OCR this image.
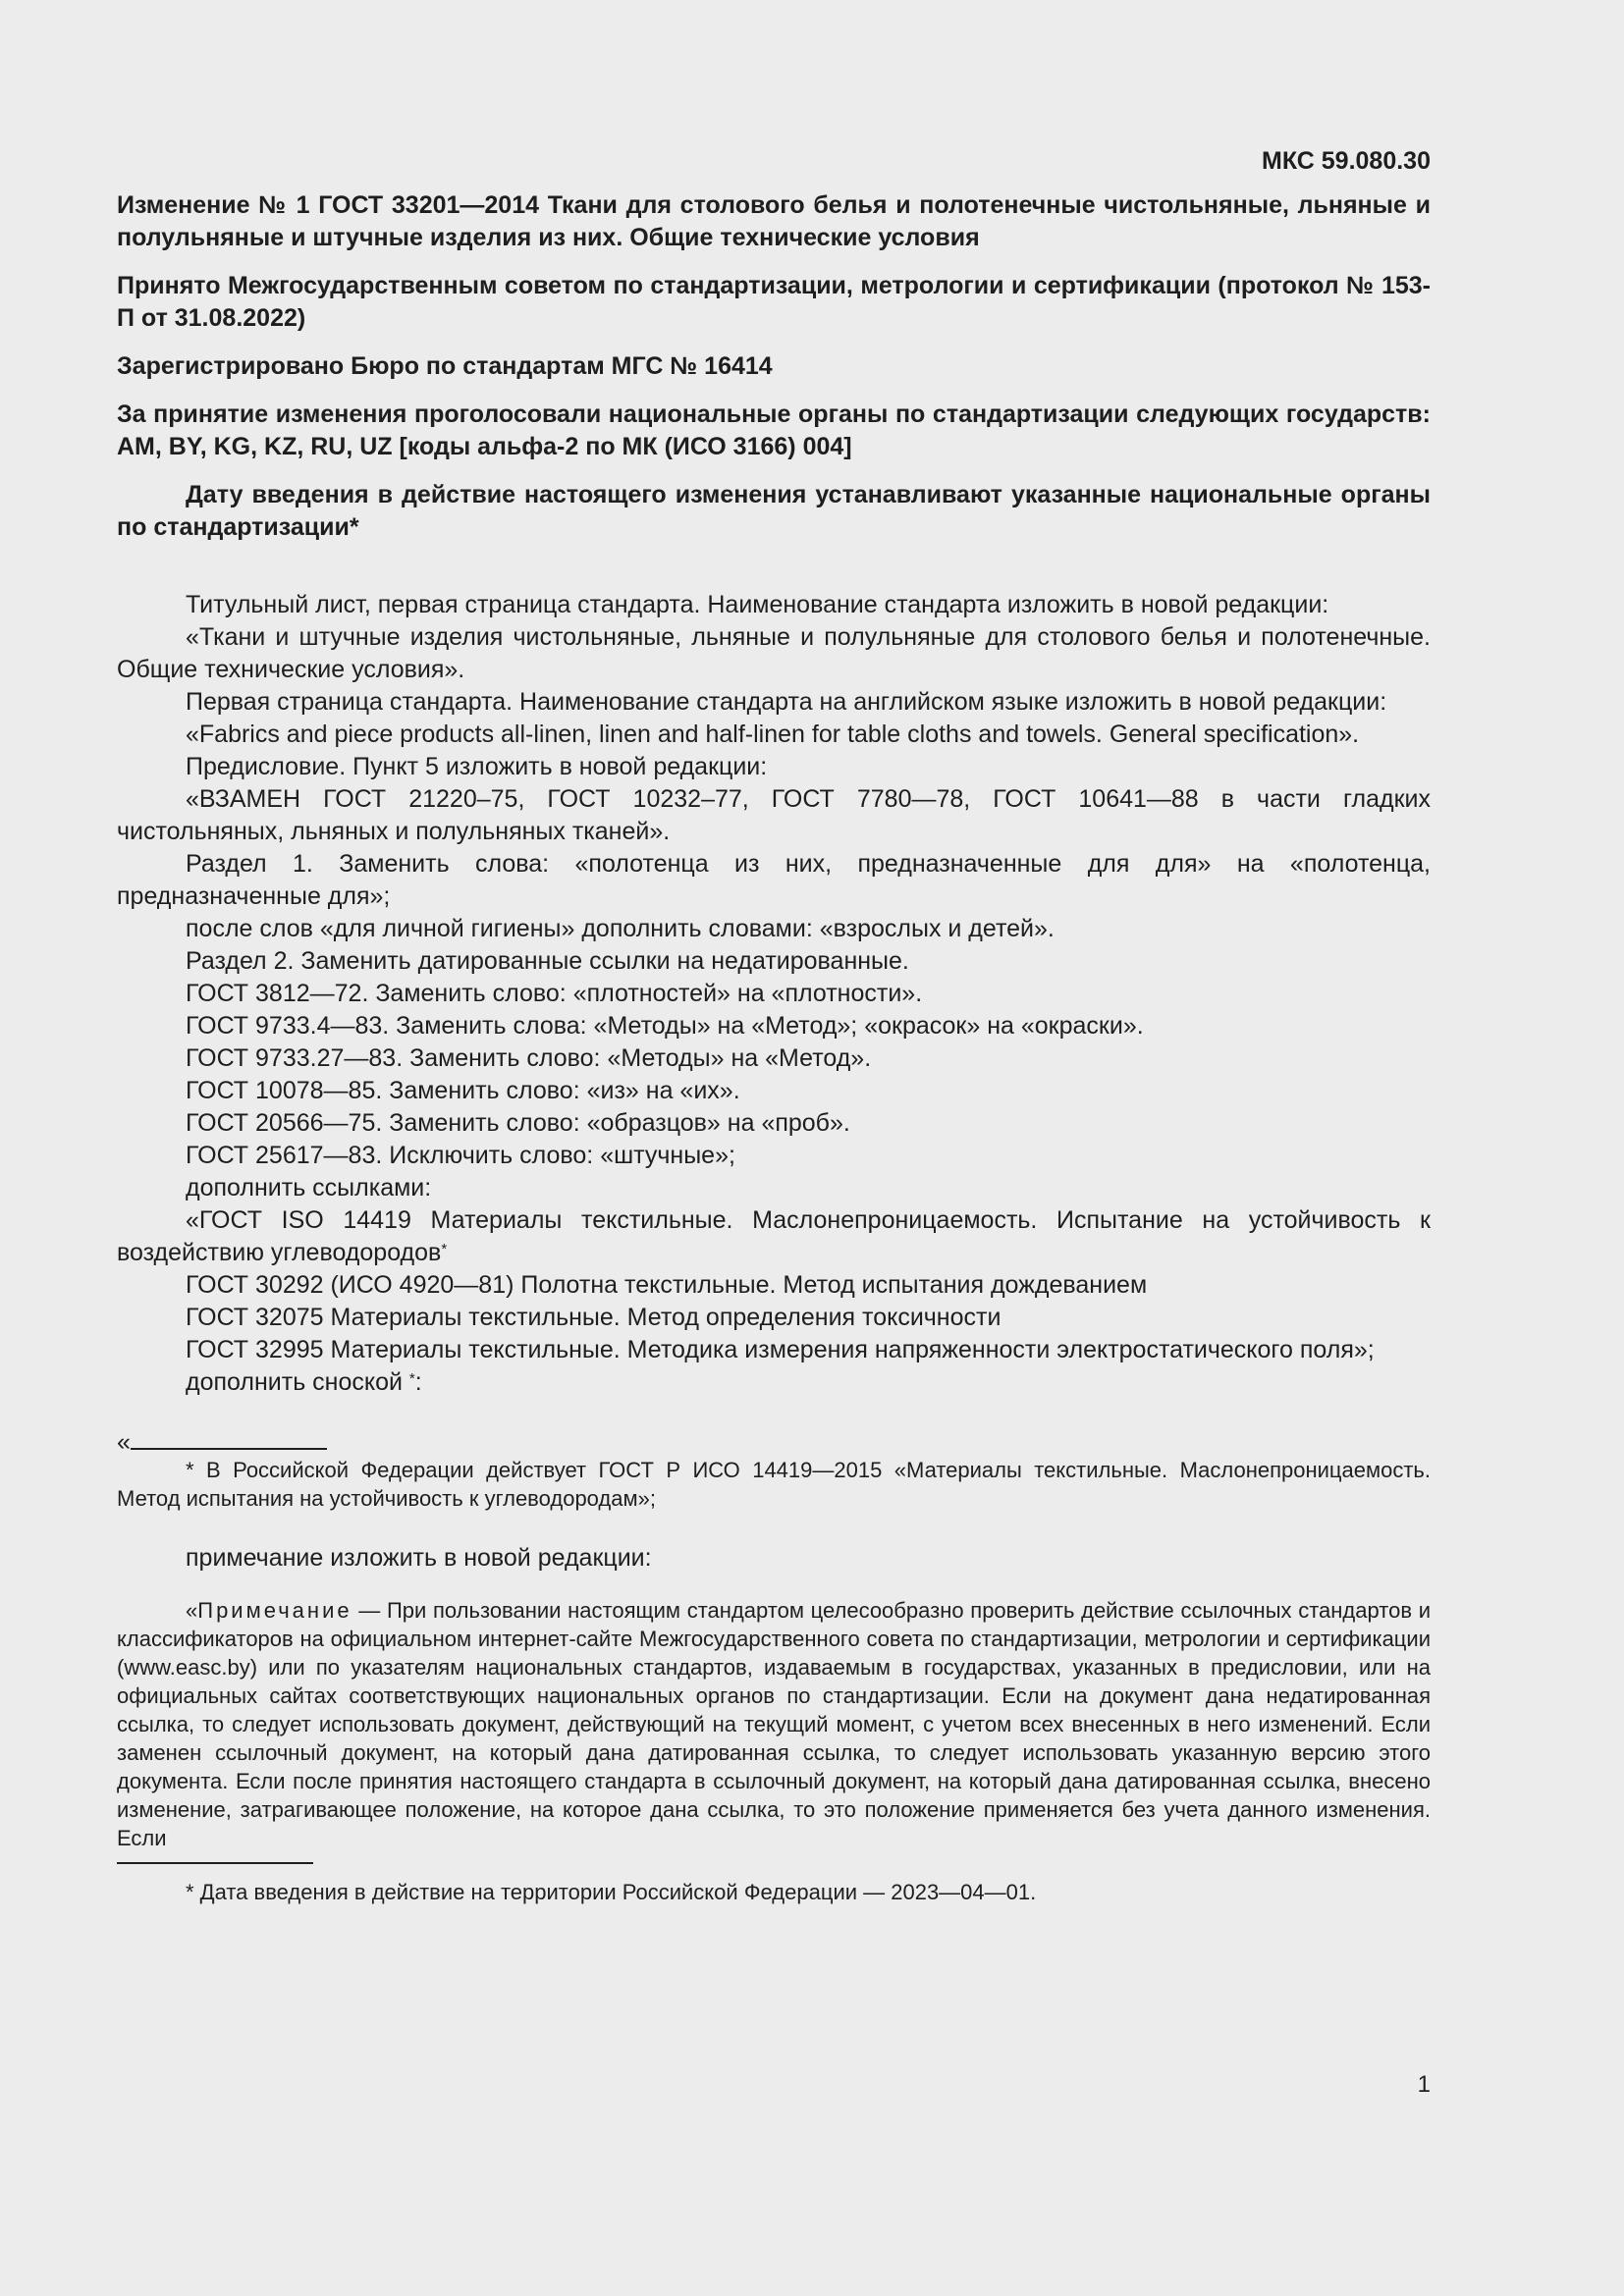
МКС 59.080.30

Изменение № 1 ГОСТ 33201—2014 Ткани для столового белья и полотенечные чистольняные, льняные и полульняные и штучные изделия из них. Общие технические условия

Принято Межгосударственным советом по стандартизации, метрологии и сертификации (протокол № 153-П от 31.08.2022)

Зарегистрировано Бюро по стандартам МГС № 16414

За принятие изменения проголосовали национальные органы по стандартизации следующих государств: AM, BY, KG, KZ, RU, UZ [коды альфа-2 по МК (ИСО 3166) 004]

Дату введения в действие настоящего изменения устанавливают указанные национальные органы по стандартизации*

Титульный лист, первая страница стандарта. Наименование стандарта изложить в новой редакции:

«Ткани и штучные изделия чистольняные, льняные и полульняные для столового белья и полотенечные. Общие технические условия».

Первая страница стандарта. Наименование стандарта на английском языке изложить в новой редакции:

«Fabrics and piece products all-linen, linen and half-linen for table cloths and towels. General specification».

Предисловие. Пункт 5 изложить в новой редакции:

«ВЗАМЕН ГОСТ 21220–75, ГОСТ 10232–77, ГОСТ 7780—78, ГОСТ 10641—88 в части гладких чистольняных, льняных и полульняных тканей».

Раздел 1. Заменить слова: «полотенца из них, предназначенные для для» на «полотенца, предназначенные для»;

после слов «для личной гигиены» дополнить словами: «взрослых и детей».

Раздел 2. Заменить датированные ссылки на недатированные.

ГОСТ 3812—72. Заменить слово: «плотностей» на «плотности».

ГОСТ 9733.4—83. Заменить слова: «Методы» на «Метод»; «окрасок» на «окраски».

ГОСТ 9733.27—83. Заменить слово: «Методы» на «Метод».

ГОСТ 10078—85. Заменить слово: «из» на «их».

ГОСТ 20566—75. Заменить слово: «образцов» на «проб».

ГОСТ 25617—83. Исключить слово: «штучные»;

дополнить ссылками:

«ГОСТ ISO 14419 Материалы текстильные. Маслонепроницаемость. Испытание на устойчивость к воздействию углеводородов*

ГОСТ 30292 (ИСО 4920—81) Полотна текстильные. Метод испытания дождеванием

ГОСТ 32075 Материалы текстильные. Метод определения токсичности

ГОСТ 32995 Материалы текстильные. Методика измерения напряженности электростатического поля»;

дополнить сноской *:

«

* В Российской Федерации действует ГОСТ Р ИСО 14419—2015 «Материалы текстильные. Маслонепроницаемость. Метод испытания на устойчивость к углеводородам»;

примечание изложить в новой редакции:

«Примечание — При пользовании настоящим стандартом целесообразно проверить действие ссылочных стандартов и классификаторов на официальном интернет-сайте Межгосударственного совета по стандартизации, метрологии и сертификации (www.easc.by) или по указателям национальных стандартов, издаваемым в государствах, указанных в предисловии, или на официальных сайтах соответствующих национальных органов по стандартизации. Если на документ дана недатированная ссылка, то следует использовать документ, действующий на текущий момент, с учетом всех внесенных в него изменений. Если заменен ссылочный документ, на который дана датированная ссылка, то следует использовать указанную версию этого документа. Если после принятия настоящего стандарта в ссылочный документ, на который дана датированная ссылка, внесено изменение, затрагивающее положение, на которое дана ссылка, то это положение применяется без учета данного изменения. Если

* Дата введения в действие на территории Российской Федерации — 2023—04—01.

1
